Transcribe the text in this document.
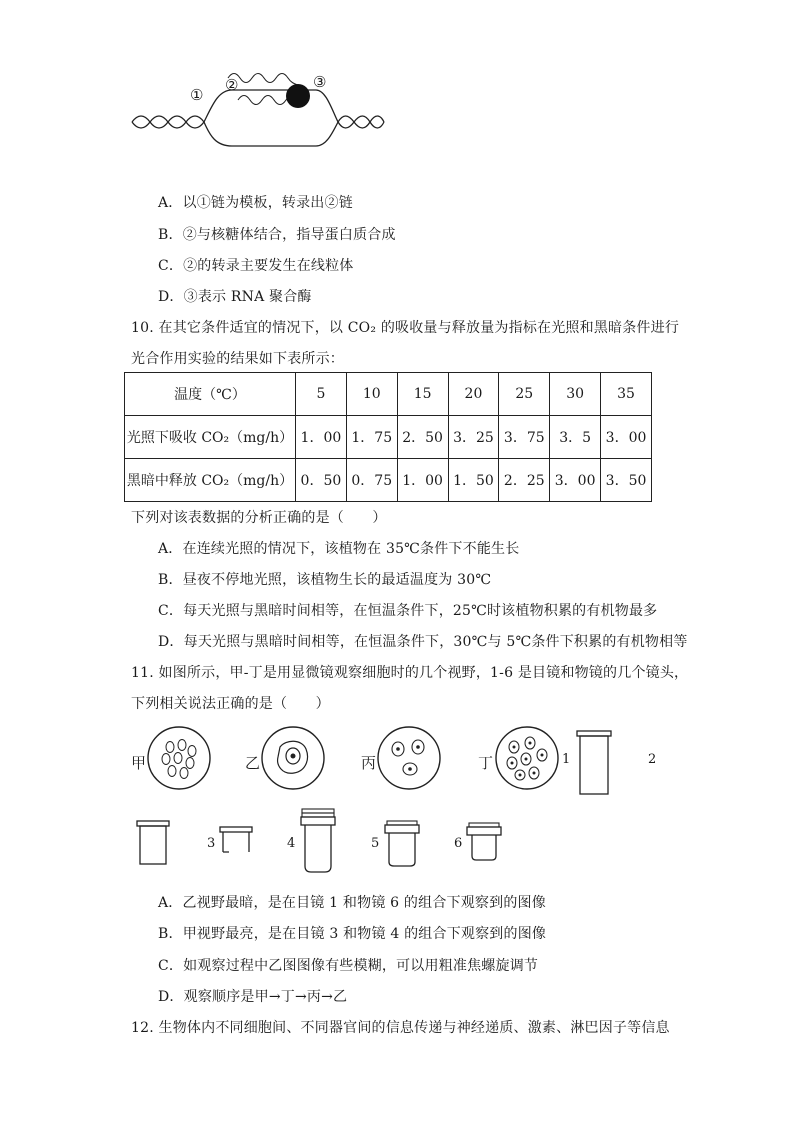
①
②	③
A．以①链为模板，转录出②链
B．②与核糖体结合，指导蛋白质合成
C．②的转录主要发生在线粒体
D．③表示 RNA 聚合酶
10. 在其它条件适宜的情况下，以 CO₂ 的吸收量与释放量为指标在光照和黑暗条件进行
光合作用实验的结果如下表所示：
温度（℃）	5	10	15	20	25	30	35
光照下吸收 CO₂（mg/h）	1．00	1．75	2．50	3．25	3．75	3．5	3．00
黑暗中释放 CO₂（mg/h）	0．50	0．75	1．00	1．50	2．25	3．00	3．50
下列对该表数据的分析正确的是（　　）
A．在连续光照的情况下，该植物在 35℃条件下不能生长
B．昼夜不停地光照，该植物生长的最适温度为 30℃
C．每天光照与黑暗时间相等，在恒温条件下，25℃时该植物积累的有机物最多
D．每天光照与黑暗时间相等，在恒温条件下，30℃与 5℃条件下积累的有机物相等
11. 如图所示，甲-丁是用显微镜观察细胞时的几个视野，1-6 是目镜和物镜的几个镜头，
下列相关说法正确的是（　　）
甲	乙	丙	丁	1	2
3	4	5	6
A．乙视野最暗，是在目镜 1 和物镜 6 的组合下观察到的图像
B．甲视野最亮，是在目镜 3 和物镜 4 的组合下观察到的图像
C．如观察过程中乙图图像有些模糊，可以用粗准焦螺旋调节
D．观察顺序是甲→丁→丙→乙
12. 生物体内不同细胞间、不同器官间的信息传递与神经递质、激素、淋巴因子等信息
